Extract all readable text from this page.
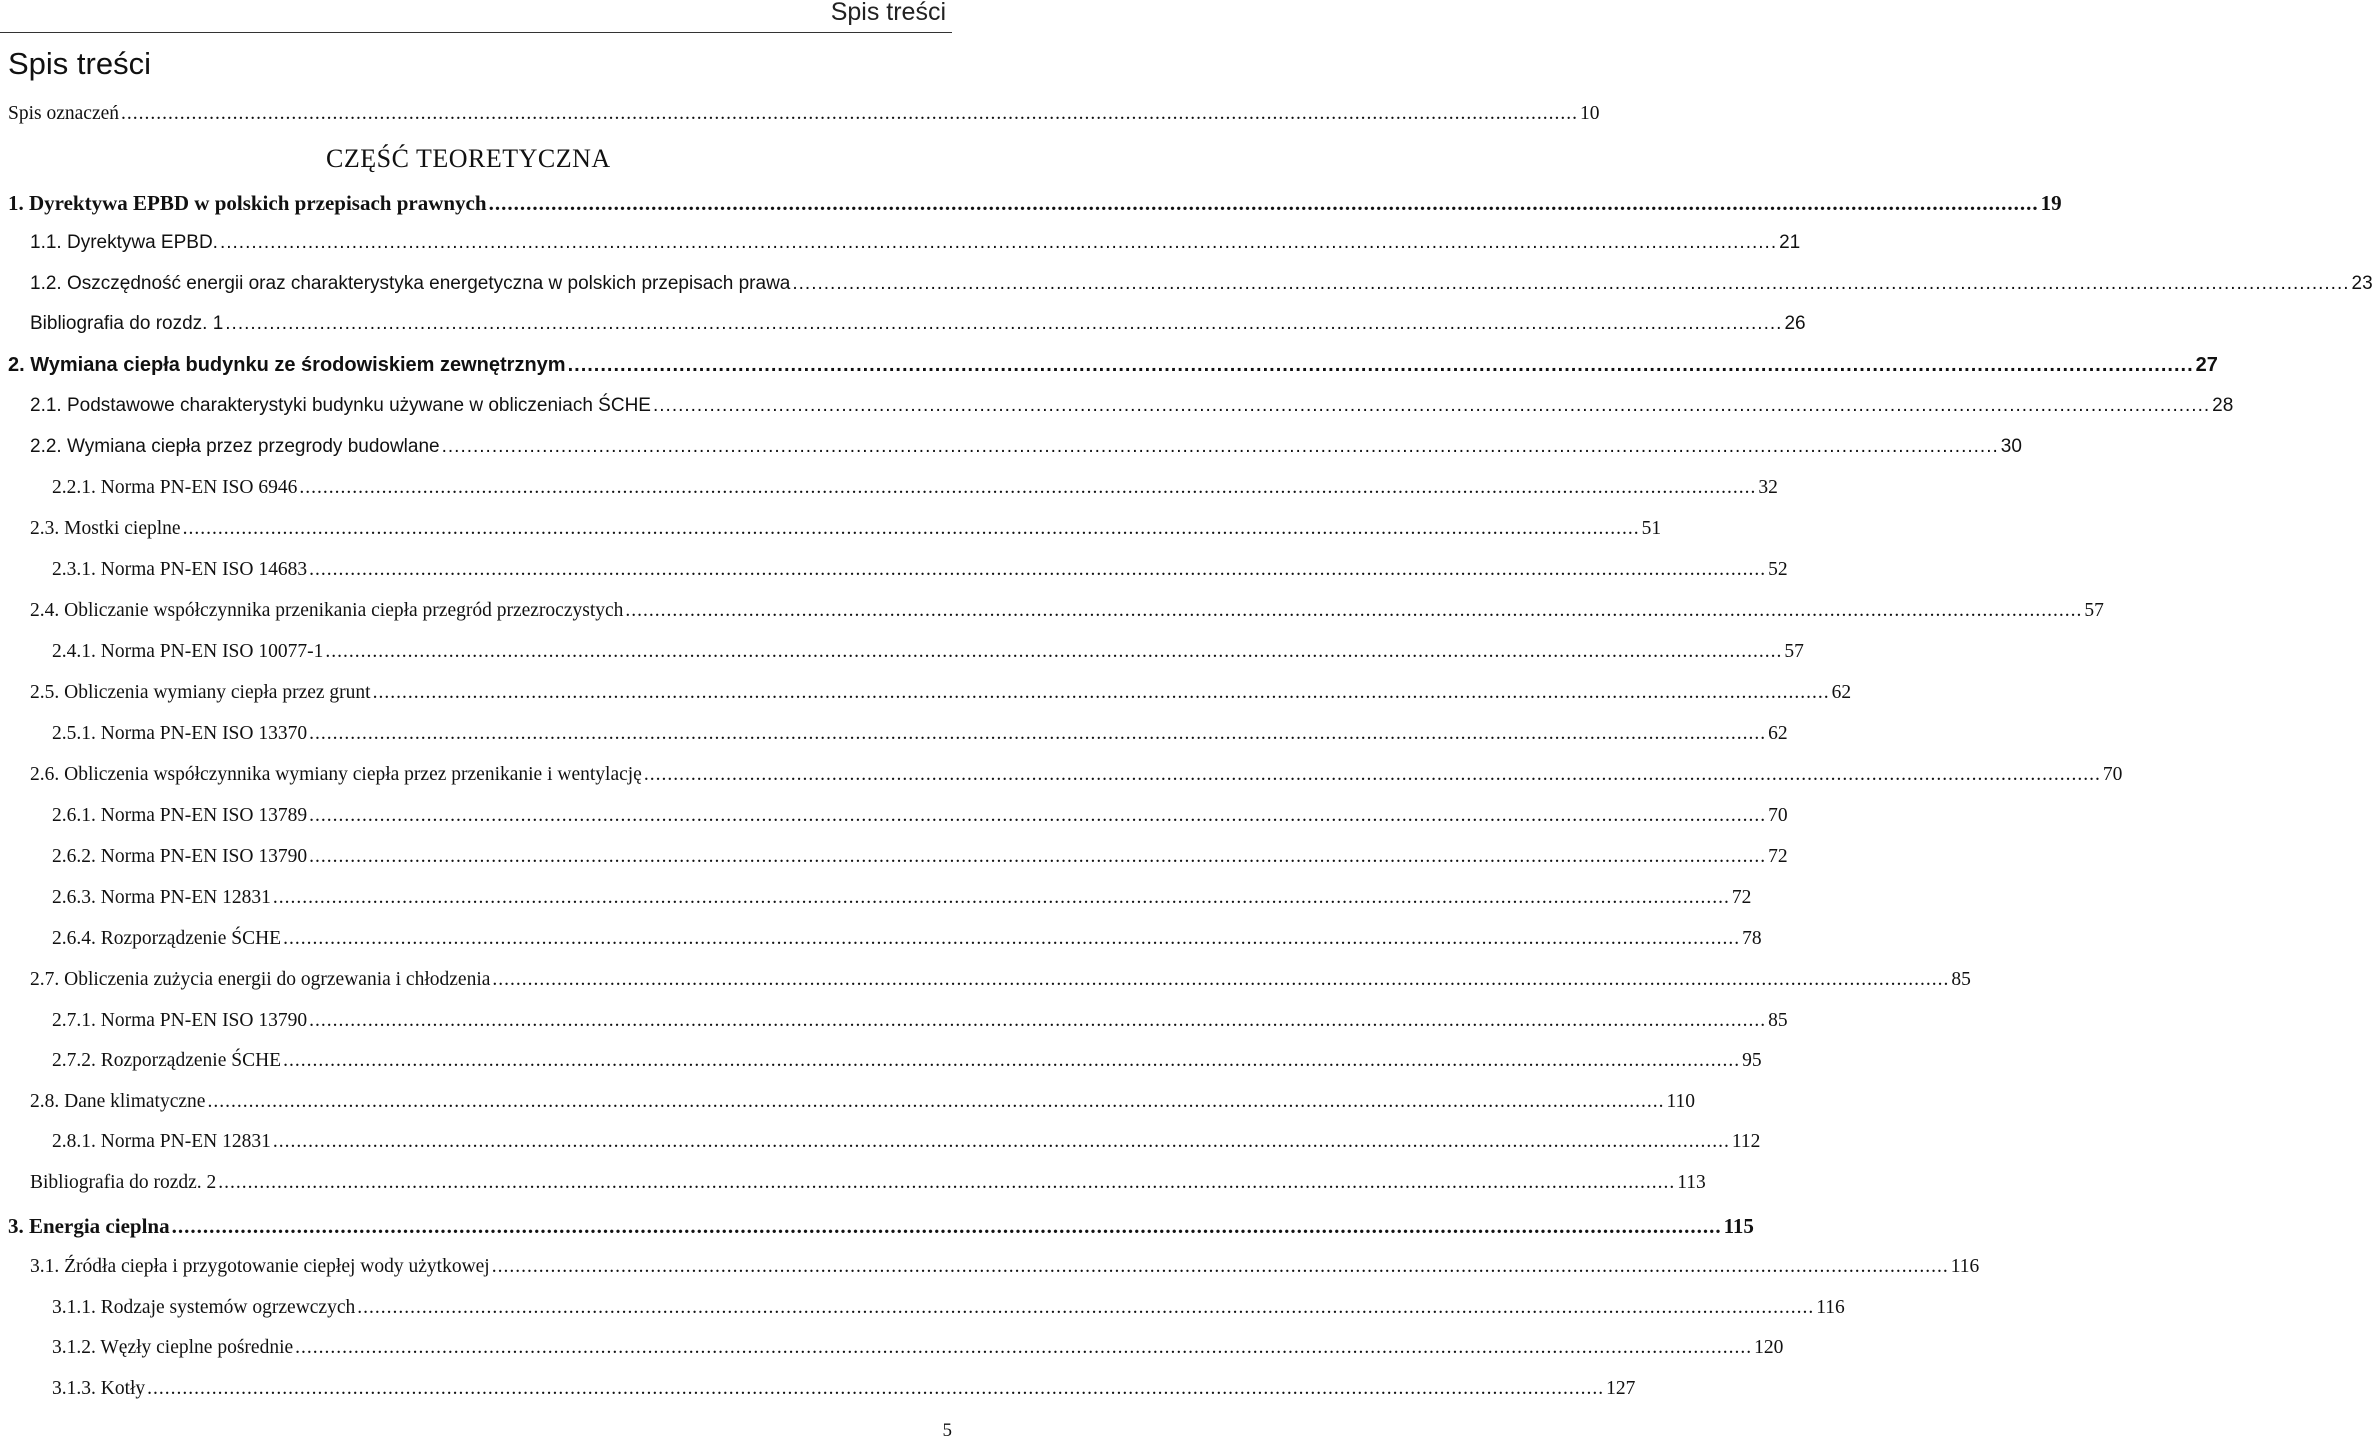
Spis treści
Spis treści
CZĘŚĆ TEORETYCZNA
Spis oznaczeń ........................................................................................................................................................................................................................................................ 10
1. Dyrektywa EPBD w polskich przepisach prawnych ........................................................................................................................................................................................................................................................ 19
1.1. Dyrektywa EPBD. ........................................................................................................................................................................................................................................................ 21
1.2. Oszczędność energii oraz charakterystyka energetyczna w polskich przepisach prawa ........................................................................................................................................................................................................................................................ 23
Bibliografia do rozdz. 1 ........................................................................................................................................................................................................................................................ 26
2. Wymiana ciepła budynku ze środowiskiem zewnętrznym ........................................................................................................................................................................................................................................................ 27
2.1. Podstawowe charakterystyki budynku używane w obliczeniach ŚCHE ........................................................................................................................................................................................................................................................ 28
2.2. Wymiana ciepła przez przegrody budowlane ........................................................................................................................................................................................................................................................ 30
2.2.1. Norma PN-EN ISO 6946 ........................................................................................................................................................................................................................................................ 32
2.3. Mostki cieplne ........................................................................................................................................................................................................................................................ 51
2.3.1. Norma PN-EN ISO 14683 ........................................................................................................................................................................................................................................................ 52
2.4. Obliczanie współczynnika przenikania ciepła przegród przezroczystych ........................................................................................................................................................................................................................................................ 57
2.4.1. Norma PN-EN ISO 10077-1 ........................................................................................................................................................................................................................................................ 57
2.5. Obliczenia wymiany ciepła przez grunt ........................................................................................................................................................................................................................................................ 62
2.5.1. Norma PN-EN ISO 13370 ........................................................................................................................................................................................................................................................ 62
2.6. Obliczenia współczynnika wymiany ciepła przez przenikanie i wentylację ........................................................................................................................................................................................................................................................ 70
2.6.1. Norma PN-EN ISO 13789 ........................................................................................................................................................................................................................................................ 70
2.6.2. Norma PN-EN ISO 13790 ........................................................................................................................................................................................................................................................ 72
2.6.3. Norma PN-EN 12831 ........................................................................................................................................................................................................................................................ 72
2.6.4. Rozporządzenie ŚCHE ........................................................................................................................................................................................................................................................ 78
2.7. Obliczenia zużycia energii do ogrzewania i chłodzenia ........................................................................................................................................................................................................................................................ 85
2.7.1. Norma PN-EN ISO 13790 ........................................................................................................................................................................................................................................................ 85
2.7.2. Rozporządzenie ŚCHE ........................................................................................................................................................................................................................................................ 95
2.8. Dane klimatyczne ........................................................................................................................................................................................................................................................ 110
2.8.1. Norma PN-EN 12831 ........................................................................................................................................................................................................................................................ 112
Bibliografia do rozdz. 2 ........................................................................................................................................................................................................................................................ 113
3. Energia cieplna ........................................................................................................................................................................................................................................................ 115
3.1. Źródła ciepła i przygotowanie ciepłej wody użytkowej ........................................................................................................................................................................................................................................................ 116
3.1.1. Rodzaje systemów ogrzewczych ........................................................................................................................................................................................................................................................ 116
3.1.2. Węzły cieplne pośrednie ........................................................................................................................................................................................................................................................ 120
3.1.3. Kotły ........................................................................................................................................................................................................................................................ 127
5
